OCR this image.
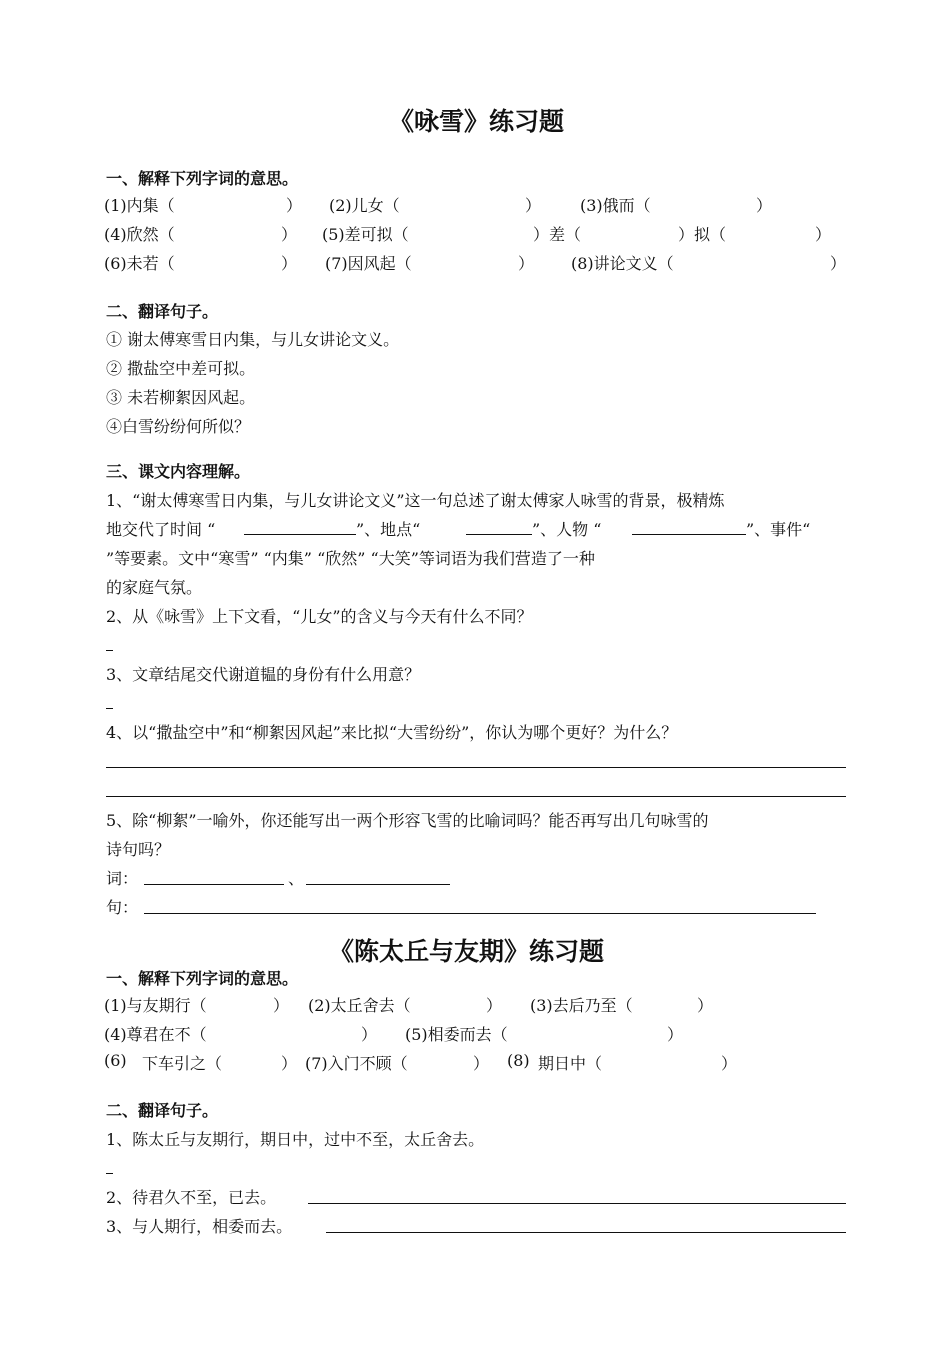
《咏雪》练习题
一、解释下列字词的意思。
(1)内集（	） (2)儿女（	） (3)俄而（	）
(4)欣然（	） (5)差可拟（	）差（	）拟（	）
(6)未若（	） (7)因风起（	） (8)讲论文义（	）
二、翻译句子。
① 谢太傅寒雪日内集，与儿女讲论文义。
② 撒盐空中差可拟。
③ 未若柳絮因风起。
④白雪纷纷何所似？
三、课文内容理解。
1、“谢太傅寒雪日内集，与儿女讲论文义”这一句总述了谢太傅家人咏雪的背景，极精炼
地交代了时间 “	”、地点“	”、人物 “	”、事件“
”等要素。文中“寒雪” “内集” “欣然” “大笑”等词语为我们营造了一种
的家庭气氛。
2、从《咏雪》上下文看，“儿女”的含义与今天有什么不同？
3、文章结尾交代谢道韫的身份有什么用意？
4、以“撒盐空中”和“柳絮因风起”来比拟“大雪纷纷”，你认为哪个更好？为什么？
5、除“柳絮”一喻外，你还能写出一两个形容飞雪的比喻词吗？能否再写出几句咏雪的
诗句吗？
词：	、
句：
《陈太丘与友期》练习题
一、解释下列字词的意思。
(1)与友期行（	） (2)太丘舍去（	） (3)去后乃至（	）
(4)尊君在不（	） (5)相委而去（	）
(6) 下车引之（	） (7)入门不顾（	） (8) 期日中（	）
二、翻译句子。
1、陈太丘与友期行，期日中，过中不至，太丘舍去。
2、待君久不至，已去。
3、与人期行，相委而去。
